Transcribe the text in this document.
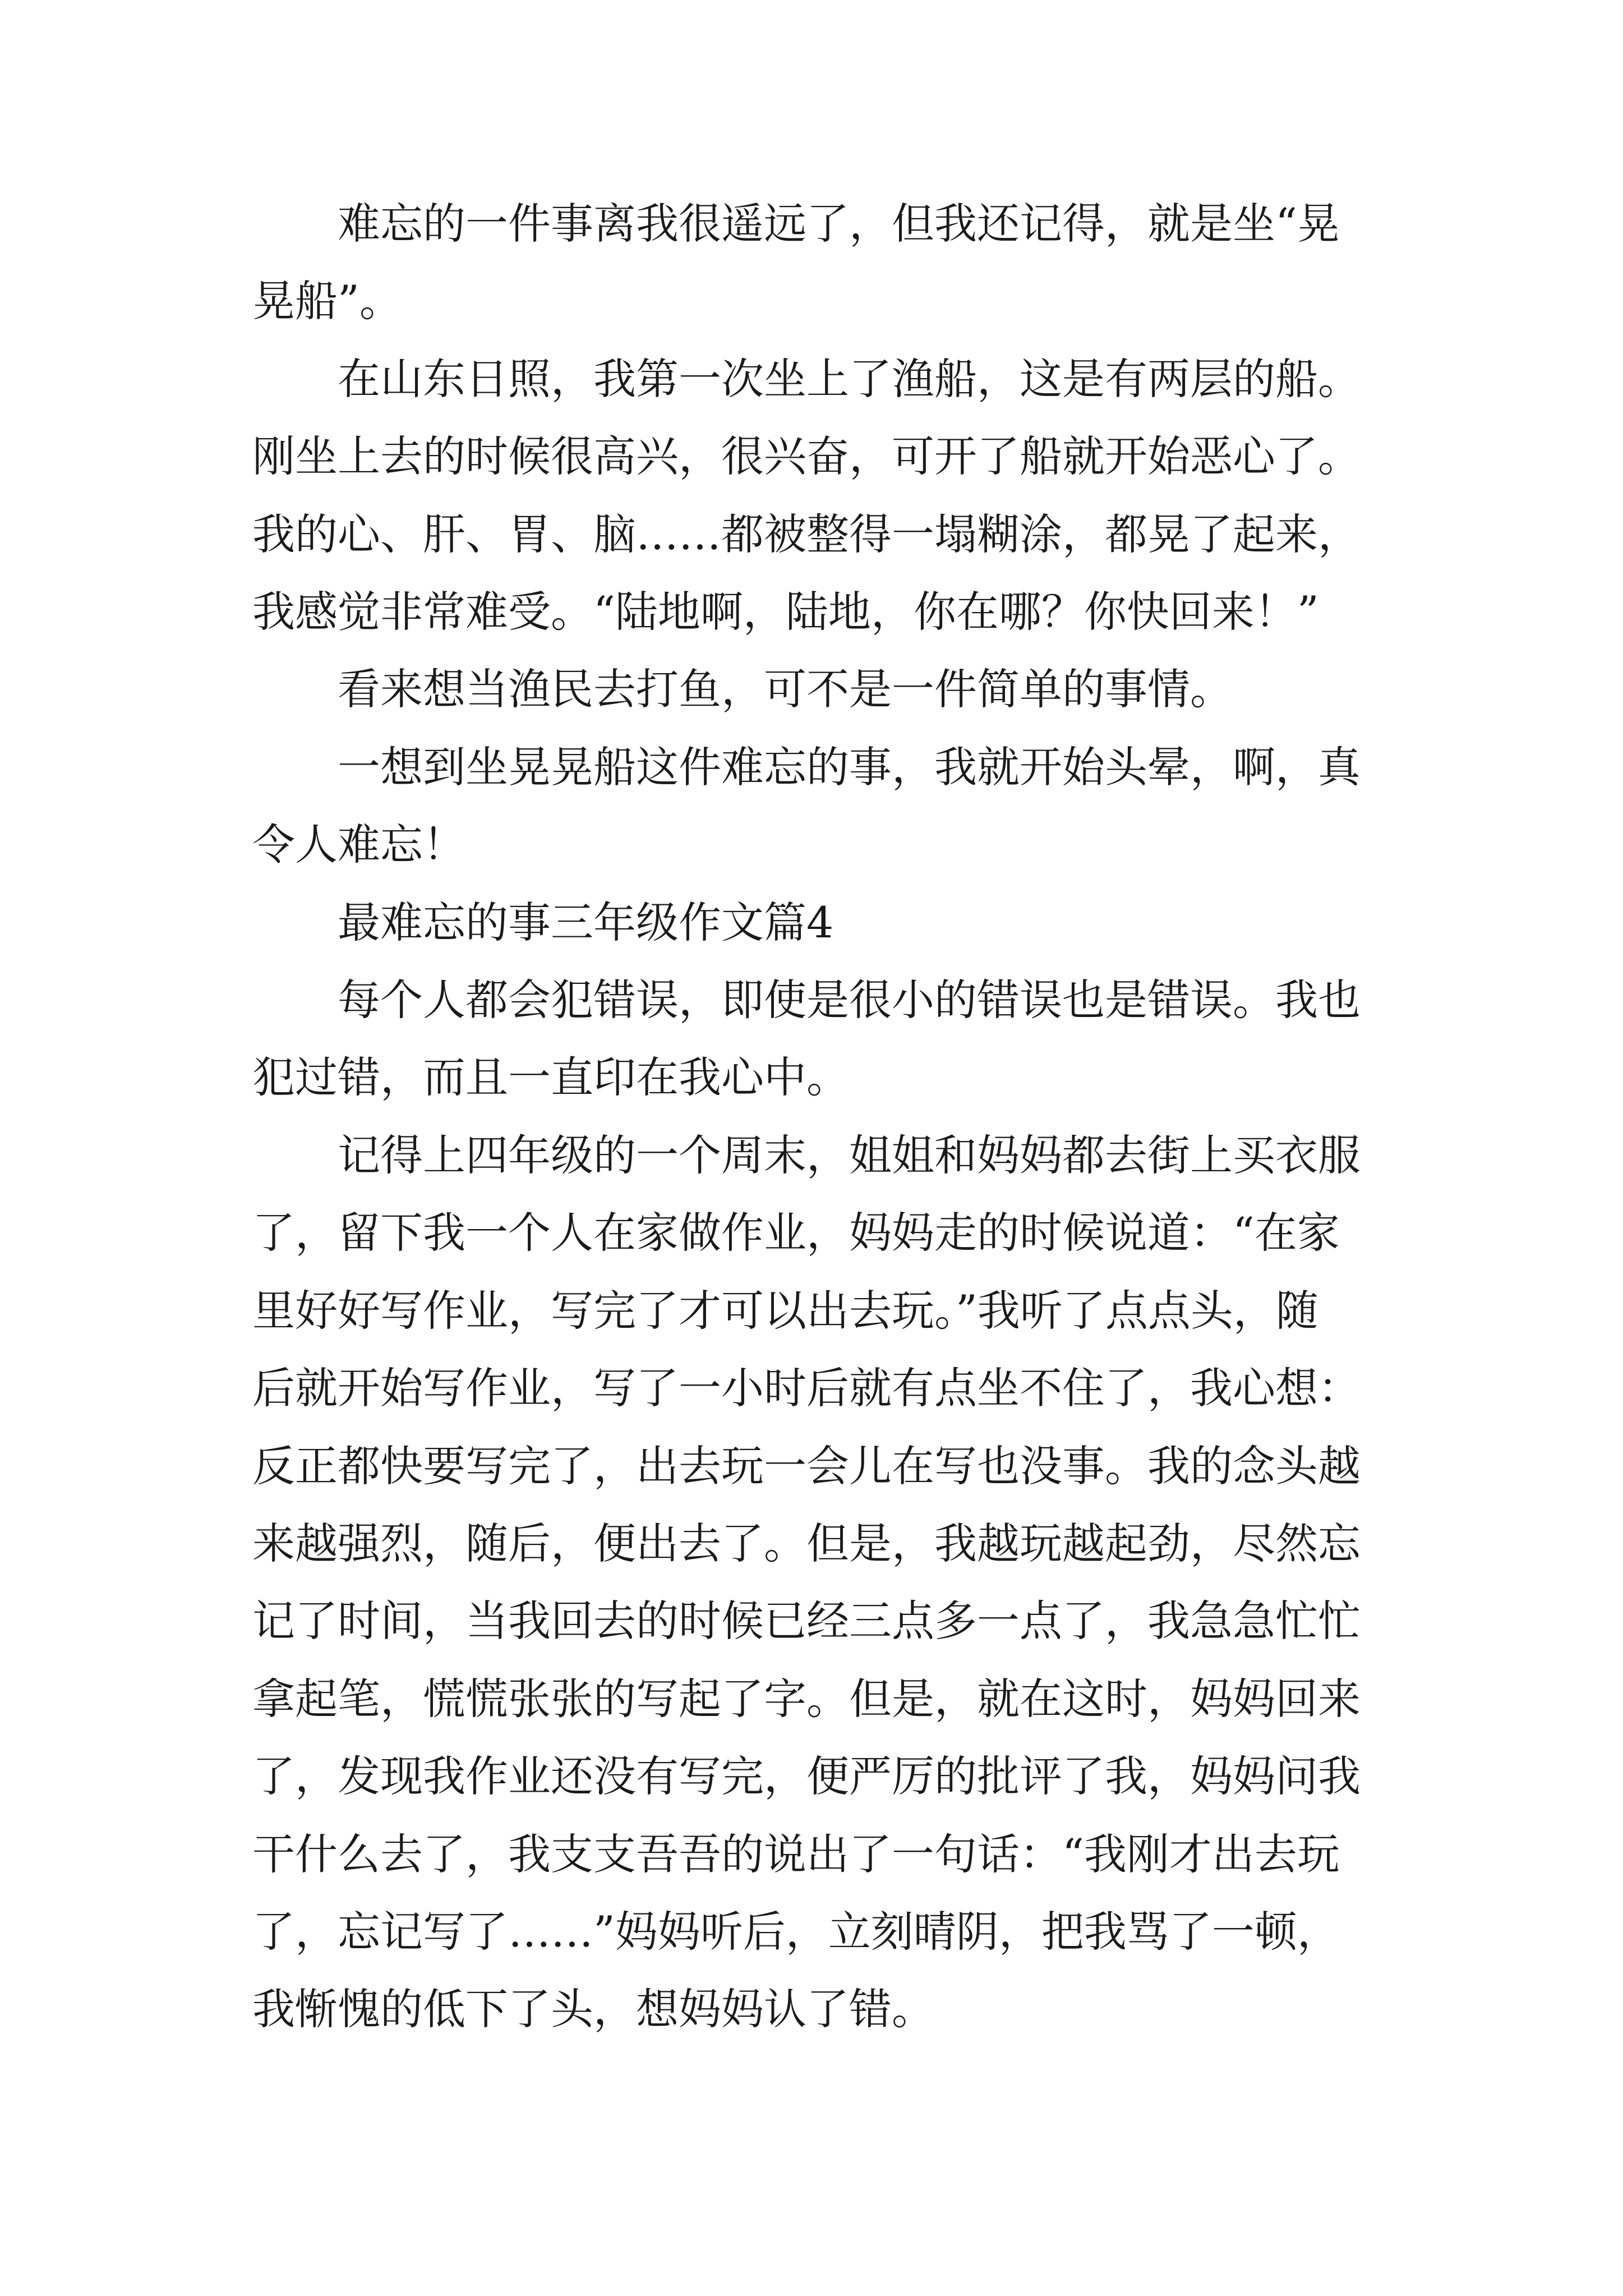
难忘的一件事离我很遥远了，但我还记得，就是坐“晃
晃船”。
在山东日照，我第一次坐上了渔船，这是有两层的船。
刚坐上去的时候很高兴，很兴奋，可开了船就开始恶心了。
我的心、肝、胃、脑……都被整得一塌糊涂，都晃了起来，
我感觉非常难受。“陆地啊，陆地，你在哪？你快回来！”
看来想当渔民去打鱼，可不是一件简单的事情。
一想到坐晃晃船这件难忘的事，我就开始头晕，啊，真
令人难忘！
最难忘的事三年级作文篇4
每个人都会犯错误，即使是很小的错误也是错误。我也
犯过错，而且一直印在我心中。
记得上四年级的一个周末，姐姐和妈妈都去街上买衣服
了，留下我一个人在家做作业，妈妈走的时候说道：“在家
里好好写作业，写完了才可以出去玩。”我听了点点头，随
后就开始写作业，写了一小时后就有点坐不住了，我心想：
反正都快要写完了，出去玩一会儿在写也没事。我的念头越
来越强烈，随后，便出去了。但是，我越玩越起劲，尽然忘
记了时间，当我回去的时候已经三点多一点了，我急急忙忙
拿起笔，慌慌张张的写起了字。但是，就在这时，妈妈回来
了，发现我作业还没有写完，便严厉的批评了我，妈妈问我
干什么去了，我支支吾吾的说出了一句话：“我刚才出去玩
了，忘记写了……”妈妈听后，立刻晴阴，把我骂了一顿，
我惭愧的低下了头，想妈妈认了错。
